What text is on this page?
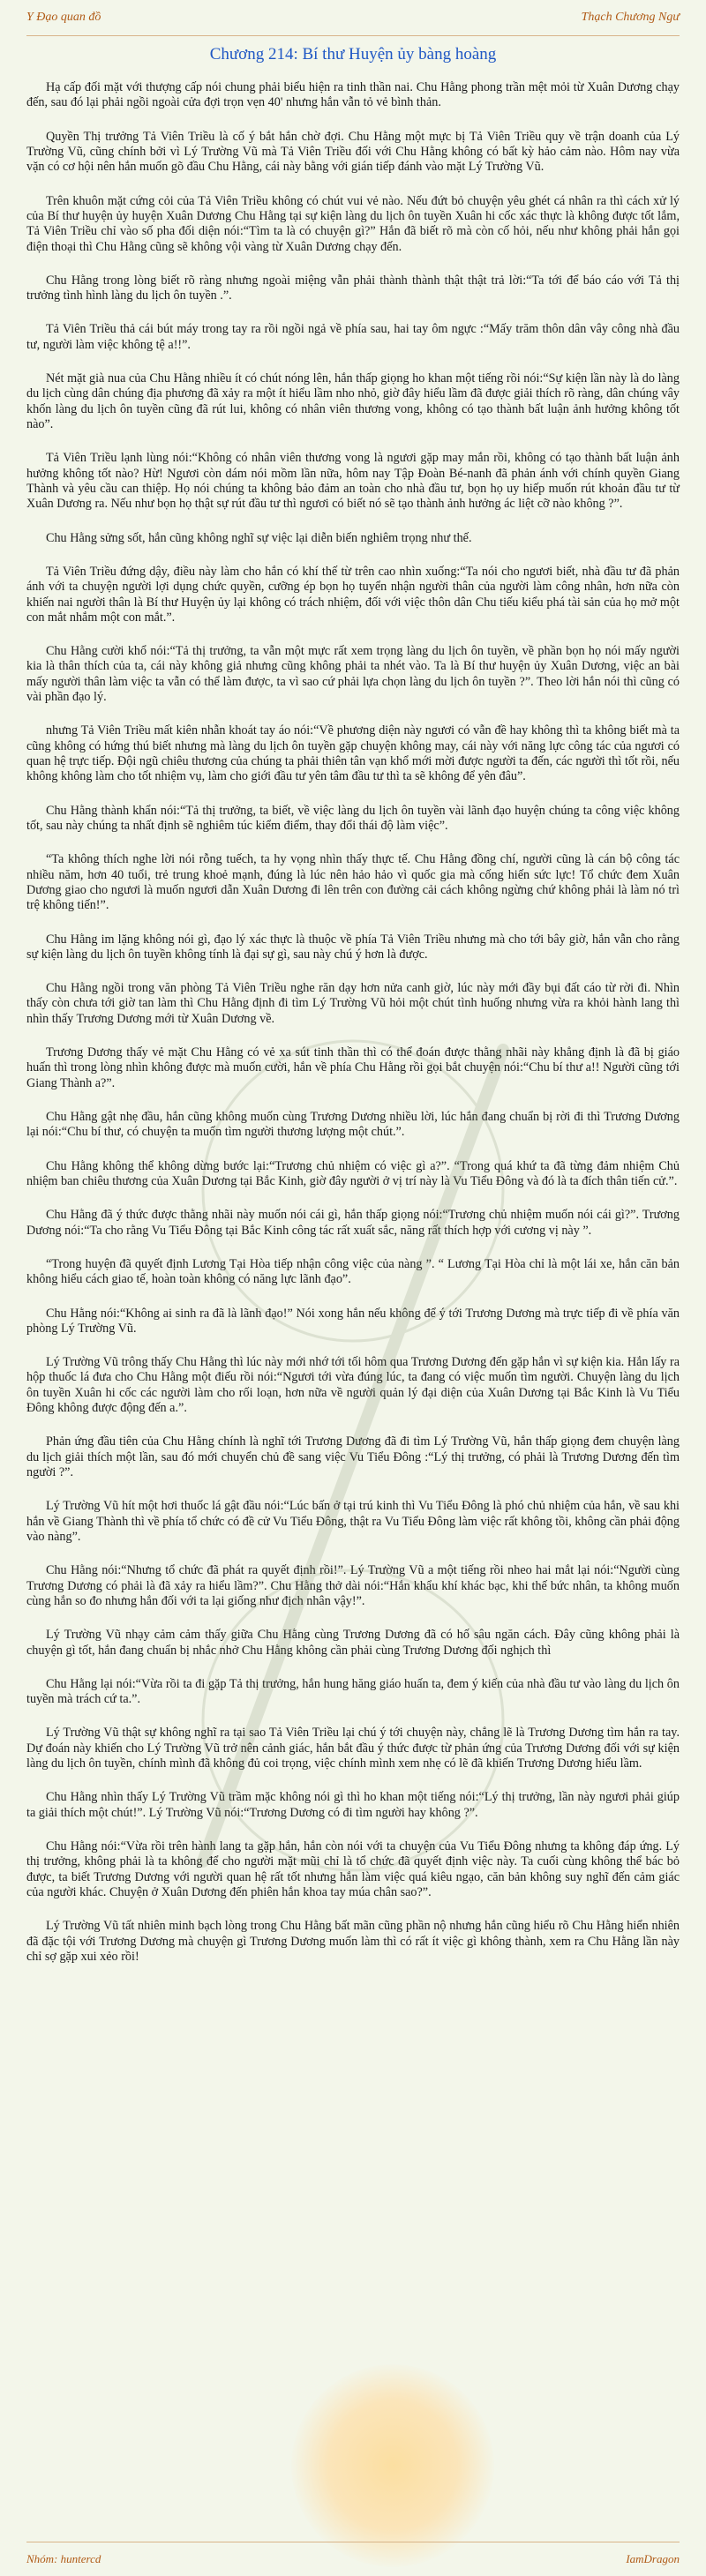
Y Đạo quan đồ	Thạch Chương Ngư
Chương 214: Bí thư Huyện ủy bàng hoàng

Hạ cấp đối mặt với thượng cấp nói chung phải biểu hiện ra tinh thần nai. Chu Hằng phong trần mệt mỏi từ Xuân Dương chạy đến, sau đó lại phải ngồi ngoài cửa đợi trọn vẹn 40' nhưng hắn vẫn tỏ vẻ bình thản.

Quyền Thị trưởng Tả Viên Triều là cố ý bắt hắn chờ đợi. Chu Hằng một mực bị Tả Viên Triều quy về trận doanh của Lý Trường Vũ, cũng chính bởi vì Lý Trường Vũ mà Tả Viên Triều đối với Chu Hằng không có bất kỳ hảo cảm nào. Hôm nay vừa vặn có cơ hội nên hắn muốn gõ đầu Chu Hằng, cái này bằng với gián tiếp đánh vào mặt Lý Trường Vũ.

Trên khuôn mặt cứng cỏi của Tả Viên Triều không có chút vui vẻ nào. Nếu đứt bỏ chuyện yêu ghét cá nhân ra thì cách xử lý của Bí thư huyện ủy huyện Xuân Dương Chu Hằng tại sự kiện làng du lịch ôn tuyền Xuân hi cốc xác thực là không được tốt lắm, Tả Viên Triều chỉ vào số pha đối diện nói:“Tìm ta là có chuyện gì?” Hắn đã biết rõ mà còn cố hỏi, nếu như không phải hắn gọi điện thoại thì Chu Hằng cũng sẽ không vội vàng từ Xuân Dương chạy đến.

Chu Hằng trong lòng biết rõ ràng nhưng ngoài miệng vẫn phải thành thành thật thật trả lời:“Ta tới để báo cáo với Tả thị trưởng tình hình làng du lịch ôn tuyền .”.

Tả Viên Triều thả cái bút máy trong tay ra rồi ngồi ngả về phía sau, hai tay ôm ngực :“Mấy trăm thôn dân vây công nhà đầu tư, người làm việc không tệ a!!”.

Nét mặt già nua của Chu Hằng nhiều ít có chút nóng lên, hắn thấp giọng ho khan một tiếng rồi nói:“Sự kiện lần này là do làng du lịch cùng dân chúng địa phương đã xảy ra một ít hiểu lầm nho nhỏ, giờ đây hiểu lầm đã được giải thích rõ ràng, dân chúng vây khốn làng du lịch ôn tuyền cũng đã rút lui, không có nhân viên thương vong, không có tạo thành bất luận ảnh hưởng không tốt nào”.

Tả Viên Triều lạnh lùng nói:“Không có nhân viên thương vong là ngươi gặp may mắn rồi, không có tạo thành bất luận ảnh hưởng không tốt nào? Hừ! Ngươi còn dám nói mồm lần nữa, hôm nay Tập Đoàn Bé-nanh đã phản ánh với chính quyền Giang Thành và yêu cầu can thiệp. Họ nói chúng ta không bảo đảm an toàn cho nhà đầu tư, bọn họ uy hiếp muốn rút khoản đầu tư từ Xuân Dương ra. Nếu như bọn họ thật sự rút đầu tư thì ngươi có biết nó sẽ tạo thành ảnh hưởng ác liệt cỡ nào không ?”.

Chu Hằng sửng sốt, hắn cũng không nghĩ sự việc lại diễn biến nghiêm trọng như thế.

Tả Viên Triều đứng dậy, điều này làm cho hắn có khí thế từ trên cao nhìn xuống:“Ta nói cho ngươi biết, nhà đầu tư đã phản ánh với ta chuyện người lợi dụng chức quyền, cưỡng ép bọn họ tuyển nhận người thân của người làm công nhân, hơn nữa còn khiến nai người thân là Bí thư Huyện ủy lại không có trách nhiệm, đối với việc thôn dân Chu tiếu kiểu phá tài sản của họ mở một con mắt nhắm một con mắt.”.

Chu Hằng cười khổ nói:“Tả thị trưởng, ta vẫn một mực rất xem trọng làng du lịch ôn tuyền, về phần bọn họ nói mấy người kia là thân thích của ta, cái này không giả nhưng cũng không phải ta nhét vào. Ta là Bí thư huyện ủy Xuân Dương, việc an bài mấy người thân làm việc ta vẫn có thể làm được, ta vì sao cứ phải lựa chọn làng du lịch ôn tuyền ?”. Theo lời hắn nói thì cũng có vài phần đạo lý.

nhưng Tả Viên Triều mất kiên nhẫn khoát tay áo nói:“Về phương diện này ngươi có vẫn đề hay không thì ta không biết mà ta cũng không có hứng thú biết nhưng mà làng du lịch ôn tuyền gặp chuyện không may, cái này với năng lực công tác của ngươi có quan hệ trực tiếp. Đội ngũ chiêu thương của chúng ta phải thiên tân vạn khổ mới mời được người ta đến, các người thì tốt rồi, nếu không không làm cho tốt nhiệm vụ, làm cho giới đầu tư yên tâm đầu tư thì ta sẽ không để yên đâu”.

Chu Hằng thành khẩn nói:“Tả thị trưởng, ta biết, về việc làng du lịch ôn tuyền vài lãnh đạo huyện chúng ta công việc không tốt, sau này chúng ta nhất định sẽ nghiêm túc kiểm điểm, thay đổi thái độ làm việc”.

“Ta không thích nghe lời nói rỗng tuếch, ta hy vọng nhìn thấy thực tế. Chu Hằng đồng chí, người cũng là cán bộ công tác nhiều năm, hơn 40 tuổi, trẻ trung khoẻ mạnh, đúng là lúc nên hảo hảo vì quốc gia mà cống hiến sức lực! Tổ chức đem Xuân Dương giao cho ngươi là muốn ngươi dẫn Xuân Dương đi lên trên con đường cải cách không ngừng chứ không phải là làm nó trì trệ không tiến!”.

Chu Hằng im lặng không nói gì, đạo lý xác thực là thuộc về phía Tả Viên Triều nhưng mà cho tới bây giờ, hắn vẫn cho rằng sự kiện làng du lịch ôn tuyền không tính là đại sự gì, sau này chú ý hơn là được.

Chu Hằng ngồi trong văn phòng Tả Viên Triều nghe răn dạy hơn nửa canh giờ, lúc này mới đầy bụi đất cáo từ rời đi. Nhìn thấy còn chưa tới giờ tan làm thì Chu Hằng định đi tìm Lý Trường Vũ hỏi một chút tình huống nhưng vừa ra khỏi hành lang thì nhìn thấy Trương Dương mới từ Xuân Dương về.

Trương Dương thấy vẻ mặt Chu Hằng có vẻ xa sút tinh thần thì có thể đoán được thằng nhãi này khẳng định là đã bị giáo huấn thì trong lòng nhìn không được mà muốn cười, hắn về phía Chu Hằng rồi gọi bắt chuyện nói:“Chu bí thư a!! Người cũng tới Giang Thành a?”.

Chu Hằng gật nhẹ đầu, hắn cũng không muốn cùng Trương Dương nhiều lời, lúc hắn đang chuẩn bị rời đi thì Trương Dương lại nói:“Chu bí thư, có chuyện ta muốn tìm người thương lượng một chút.”.

Chu Hằng không thể không dừng bước lại:“Trương chủ nhiệm có việc gì a?”. “Trong quá khứ ta đã từng đảm nhiệm Chủ nhiệm ban chiêu thương của Xuân Dương tại Bắc Kinh, giờ đây người ở vị trí này là Vu Tiểu Đông và đó là ta đích thân tiến cử.”.

Chu Hằng đã ý thức được thằng nhãi này muốn nói cái gì, hắn thấp giọng nói:“Trương chủ nhiệm muốn nói cái gì?”. Trương Dương nói:“Ta cho rằng Vu Tiểu Đông tại Bắc Kinh công tác rất xuất sắc, năng rất thích hợp với cương vị này ”.

“Trong huyện đã quyết định Lương Tại Hòa tiếp nhận công việc của nàng ”. “ Lương Tại Hòa chỉ là một lái xe, hắn căn bản không hiểu cách giao tế, hoàn toàn không có năng lực lãnh đạo”.

Chu Hằng nói:“Không ai sinh ra đã là lãnh đạo!” Nói xong hắn nếu không để ý tới Trương Dương mà trực tiếp đi về phía văn phòng Lý Trường Vũ.

Lý Trường Vũ trông thấy Chu Hằng thì lúc này mới nhớ tới tối hôm qua Trương Dương đến gặp hắn vì sự kiện kia. Hắn lấy ra hộp thuốc lá đưa cho Chu Hằng một điếu rồi nói:“Ngươi tới vừa đúng lúc, ta đang có việc muốn tìm người. Chuyện làng du lịch ôn tuyền Xuân hi cốc các người làm cho rối loạn, hơn nữa về người quản lý đại diện của Xuân Dương tại Bắc Kinh là Vu Tiểu Đông không được động đến a.”.

Phản ứng đầu tiên của Chu Hằng chính là nghĩ tới Trương Dương đã đi tìm Lý Trường Vũ, hắn thấp giọng đem chuyện làng du lịch giải thích một lần, sau đó mới chuyển chủ đề sang việc Vu Tiểu Đông :“Lý thị trưởng, có phải là Trương Dương đến tìm người ?”.

Lý Trường Vũ hít một hơi thuốc lá gật đầu nói:“Lúc bấn ở tại trú kinh thì Vu Tiểu Đông là phó chủ nhiệm của hắn, về sau khi hắn về Giang Thành thì về phía tổ chức có đề cử Vu Tiểu Đông, thật ra Vu Tiểu Đông làm việc rất không tồi, không cần phải động vào nàng”.

Chu Hằng nói:“Nhưng tổ chức đã phát ra quyết định rồi!”. Lý Trường Vũ a một tiếng rồi nheo hai mắt lại nói:“Người cùng Trương Dương có phải là đã xảy ra hiểu lầm?”. Chu Hằng thở dài nói:“Hắn khẩu khí khác bạc, khi thế bức nhân, ta không muốn cùng hắn so đo nhưng hắn đối với ta lại giống như địch nhân vậy!”.

Lý Trường Vũ nhạy cảm cảm thấy giữa Chu Hằng cùng Trương Dương đã có hố sâu ngăn cách. Đây cũng không phải là chuyện gì tốt, hắn đang chuẩn bị nhắc nhở Chu Hằng không cần phải cùng Trương Dương đối nghịch thì

Chu Hằng lại nói:“Vừa rồi ta đi gặp Tả thị trưởng, hắn hung hăng giáo huấn ta, đem ý kiến của nhà đầu tư vào làng du lịch ôn tuyền mà trách cứ ta.”.

Lý Trường Vũ thật sự không nghĩ ra tại sao Tả Viên Triều lại chú ý tới chuyện này, chẳng lẽ là Trương Dương tìm hắn ra tay. Dự đoán này khiến cho Lý Trường Vũ trở nên cảnh giác, hắn bắt đầu ý thức được từ phản ứng của Trương Dương đối với sự kiện làng du lịch ôn tuyền, chính mình đã không đủ coi trọng, việc chính mình xem nhẹ có lẽ đã khiến Trương Dương hiểu lầm.

Chu Hằng nhìn thấy Lý Trường Vũ trầm mặc không nói gì thì ho khan một tiếng nói:“Lý thị trưởng, lần này ngươi phải giúp ta giải thích một chút!”. Lý Trường Vũ nói:“Trương Dương có đi tìm người hay không ?”.

Chu Hằng nói:“Vừa rồi trên hành lang ta gặp hắn, hắn còn nói với ta chuyện của Vu Tiểu Đông nhưng ta không đáp ứng. Lý thị trưởng, không phải là ta không để cho người mặt mũi chỉ là tổ chức đã quyết định việc này. Ta cuối cùng không thể bác bỏ được, ta biết Trương Dương với người quan hệ rất tốt nhưng hắn làm việc quá kiêu ngạo, căn bản không suy nghĩ đến cảm giác của người khác. Chuyện ở Xuân Dương đến phiên hắn khoa tay múa chân sao?”.

Lý Trường Vũ tất nhiên minh bạch lòng trong Chu Hằng bất mãn cũng phần nộ nhưng hắn cũng hiểu rõ Chu Hằng hiển nhiên đã đặc tội với Trương Dương mà chuyện gì Trương Dương muốn làm thì có rất ít việc gì không thành, xem ra Chu Hằng lần này chỉ sợ gặp xui xẻo rồi!

Nhóm: huntercd	IamDragon
